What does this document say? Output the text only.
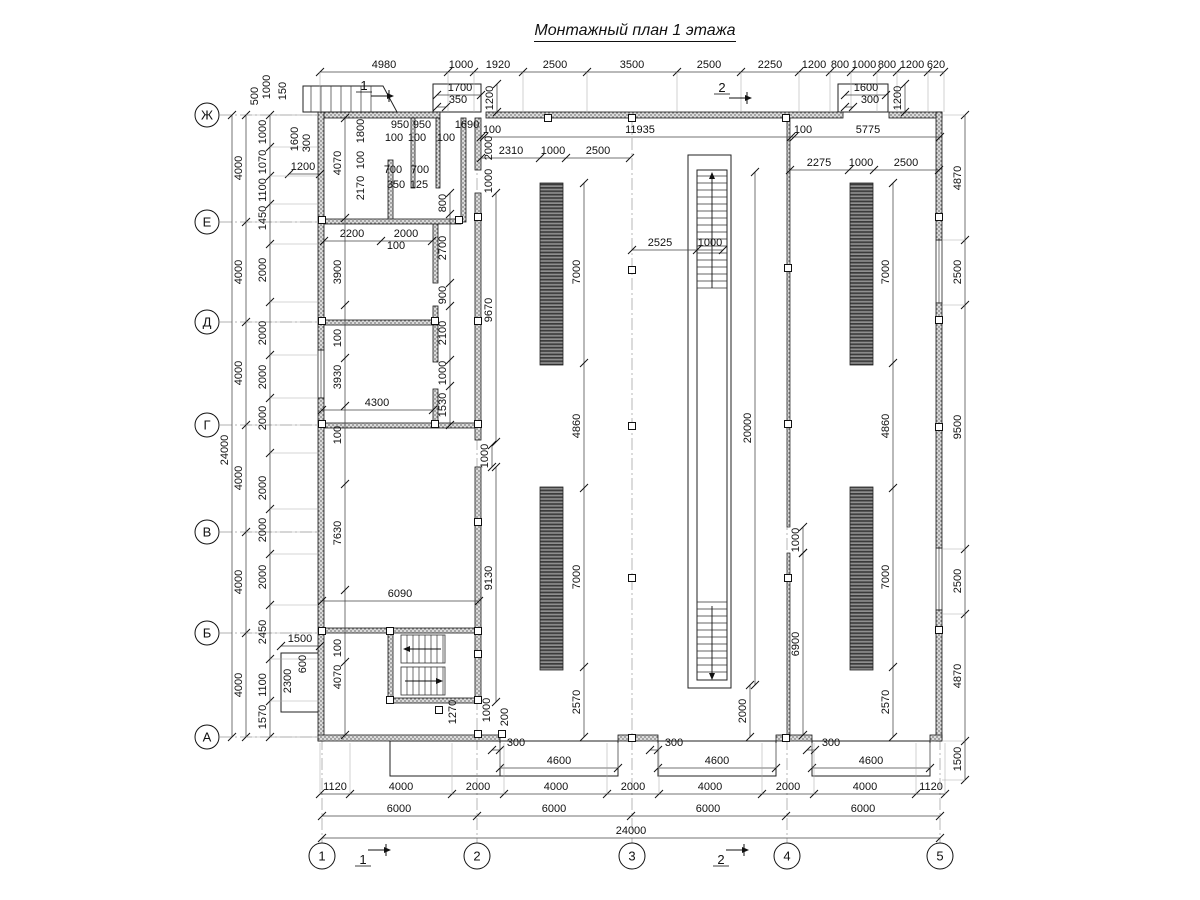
Монтажный план 1 этажа
4980	1000 1920	2500	3500	2500	2250 1200 800 1000 800 1200 620
1700
350
1600
300
100	11935	100	5775
2310 1000 2500
2275 1000 2500
2525 1000
2200	2000
4300
6090
1500
1200
4600	4600	4600
300	300	300
1120	4000	2000	4000	2000	4000	2000	4000	1120
6000	6000	6000	6000
24000
24000
4000
4000
4000
4000
4000
4000
1000
1070
1100
1450
2000
2000
2000
2000
2000
2000
2000
2450
1100
1570
4870
2500
9500
2500
4870
1500
4070
3900
100
3930
100
7630
100
4070
800
2700
900
2100
1000
1530
9670
9130
1000
7000
4860
7000
2570
7000
4860
7000
2570
20000
2000
6900
1000
1200	1200
950 950 1690
100 100 100
700 700
350 125
100
500 1000 150
1600 300	1800
100
2170
2000
1000
600
2300
1270 1000 200
Ж
Е
Д
Г
В
Б
А
1	2	3	4	5
1	2
1	2
